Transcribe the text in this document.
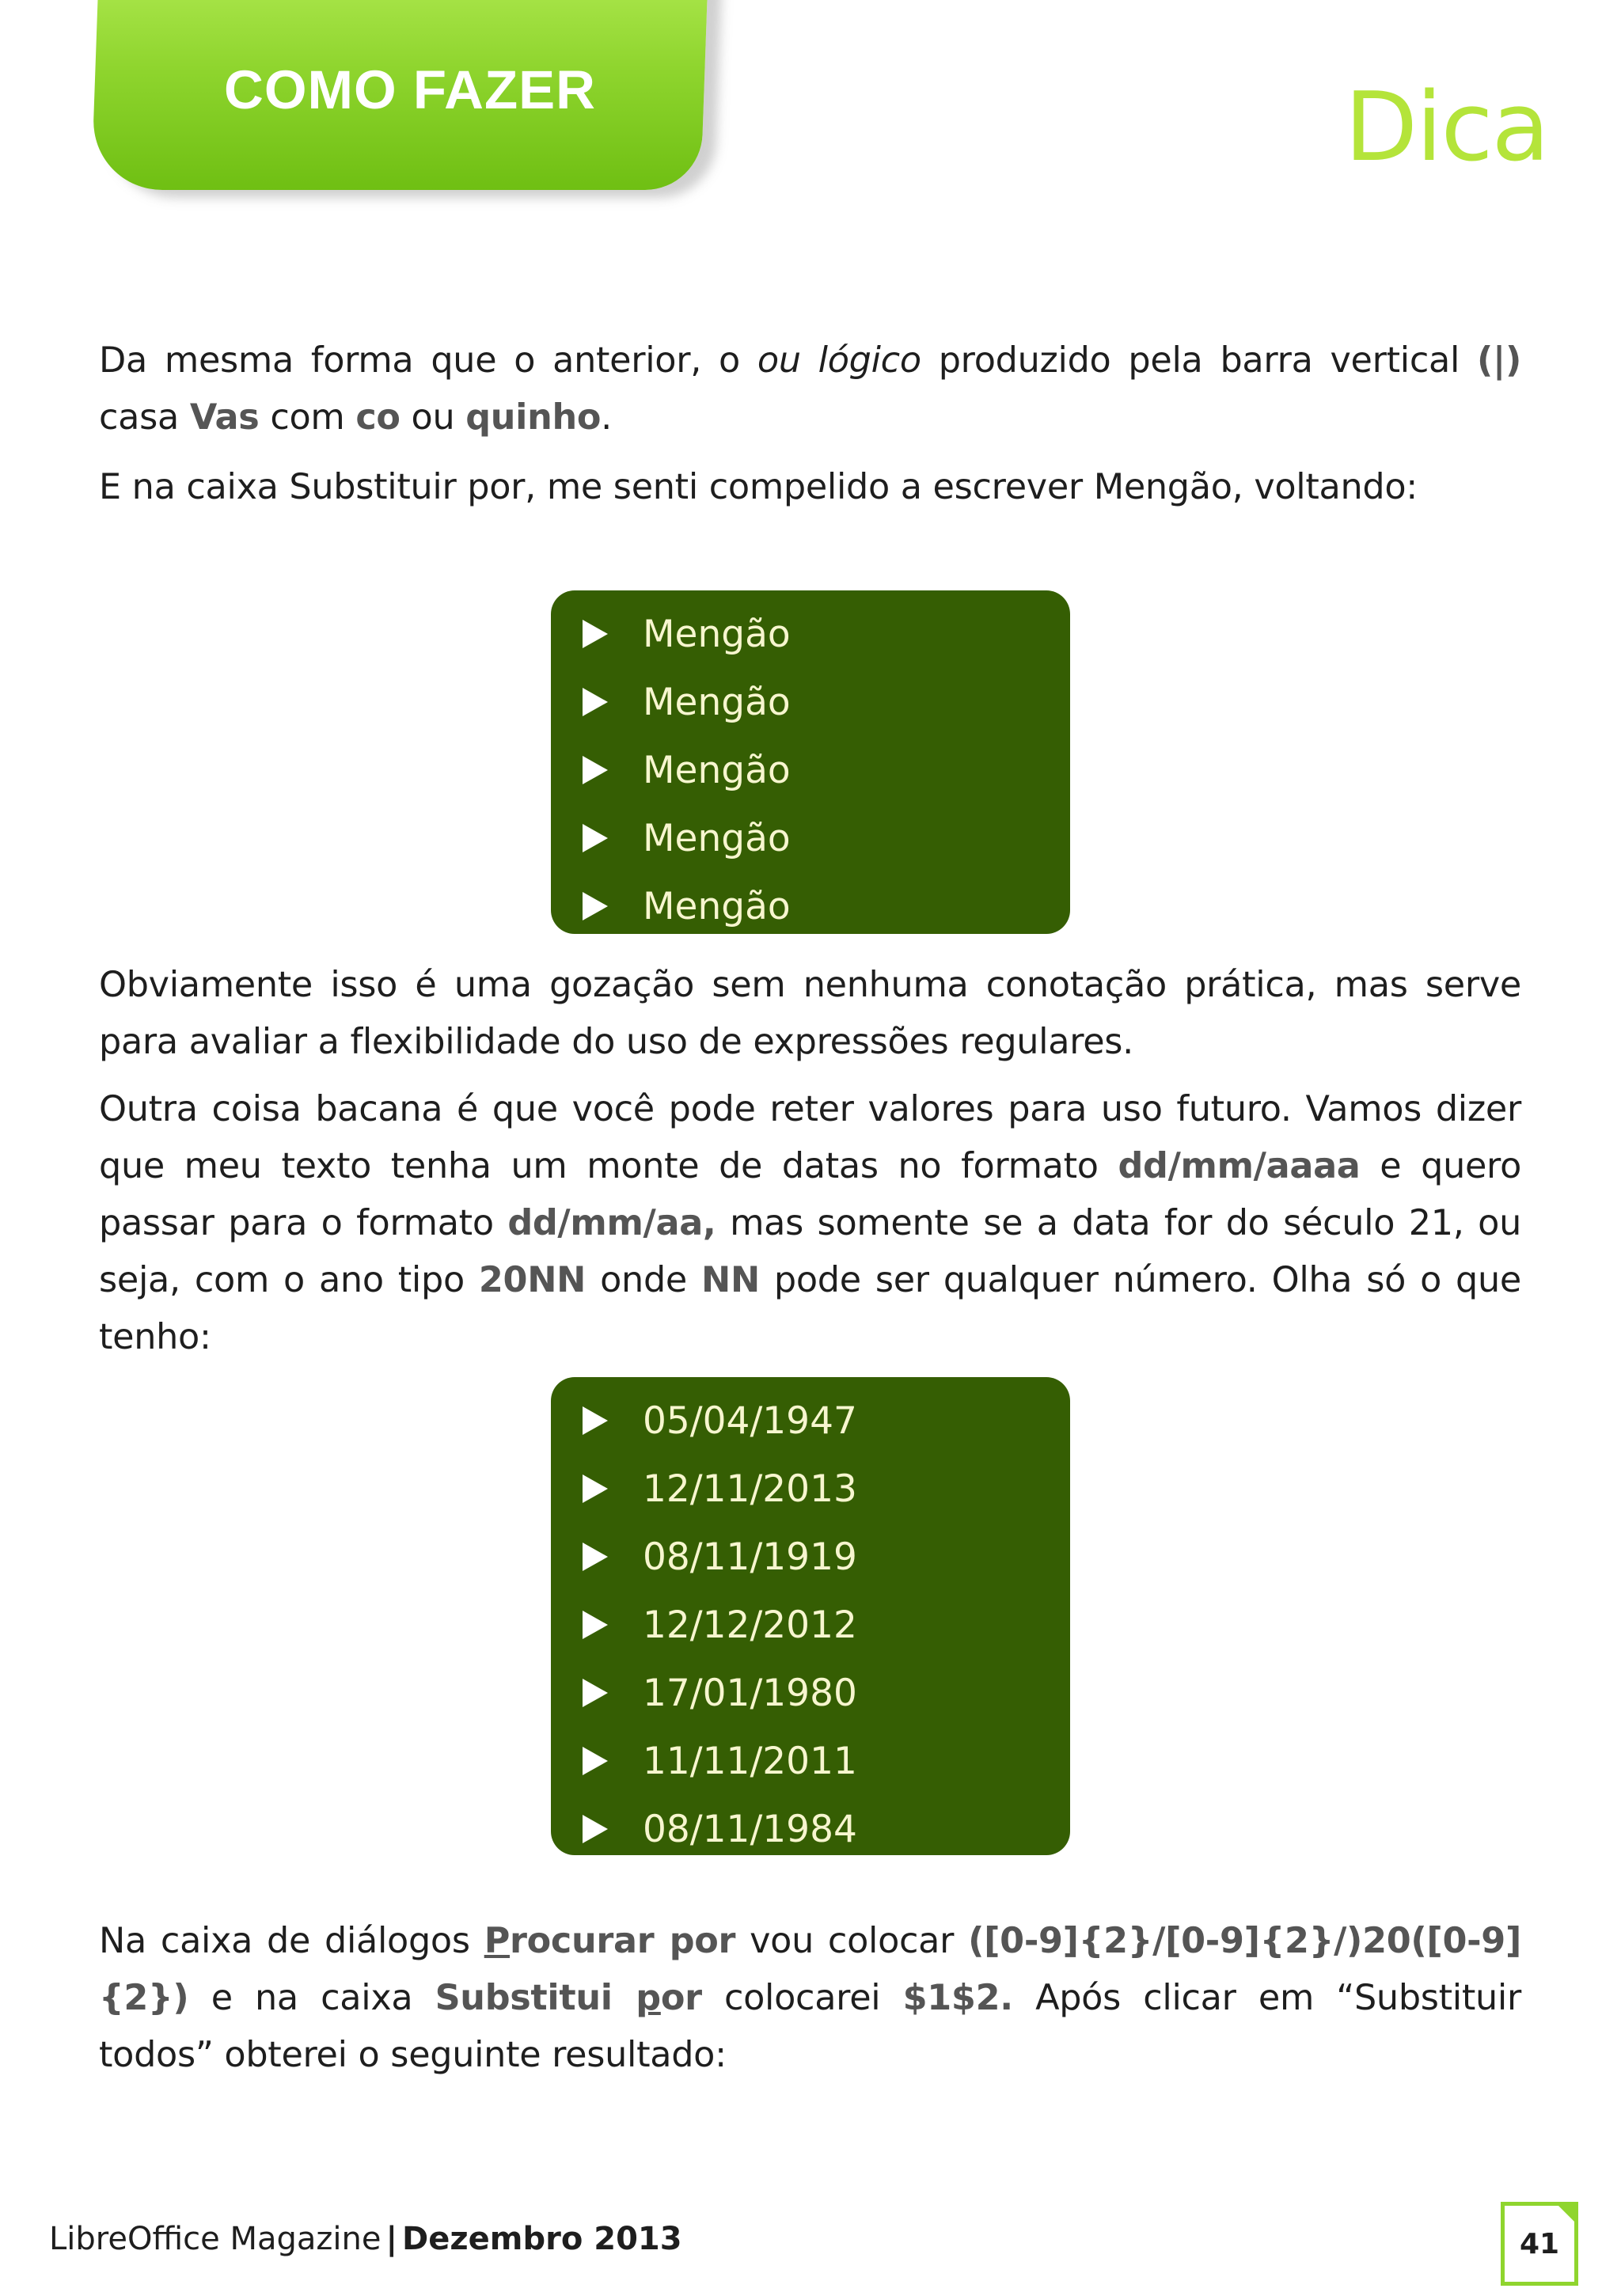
COMO FAZER	Dica

Da mesma forma que o anterior, o ou lógico produzido pela barra vertical (|) casa Vas com co ou quinho.

E na caixa Substituir por, me senti compelido a escrever Mengão, voltando:

Mengão
Mengão
Mengão
Mengão
Mengão

Obviamente isso é uma gozação sem nenhuma conotação prática, mas serve para avaliar a flexibilidade do uso de expressões regulares.

Outra coisa bacana é que você pode reter valores para uso futuro. Vamos dizer que meu texto tenha um monte de datas no formato dd/mm/aaaa e quero passar para o formato dd/mm/aa, mas somente se a data for do século 21, ou seja, com o ano tipo 20NN onde NN pode ser qualquer número. Olha só o que tenho:

05/04/1947
12/11/2013
08/11/1919
12/12/2012
17/01/1980
11/11/2011
08/11/1984

Na caixa de diálogos Procurar por vou colocar ([0-9]{2}/[0-9]{2}/)20([0-9]{2}) e na caixa Substitui por colocarei $1$2. Após clicar em “Substituir todos” obterei o seguinte resultado:

LibreOffice Magazine | Dezembro 2013	41
